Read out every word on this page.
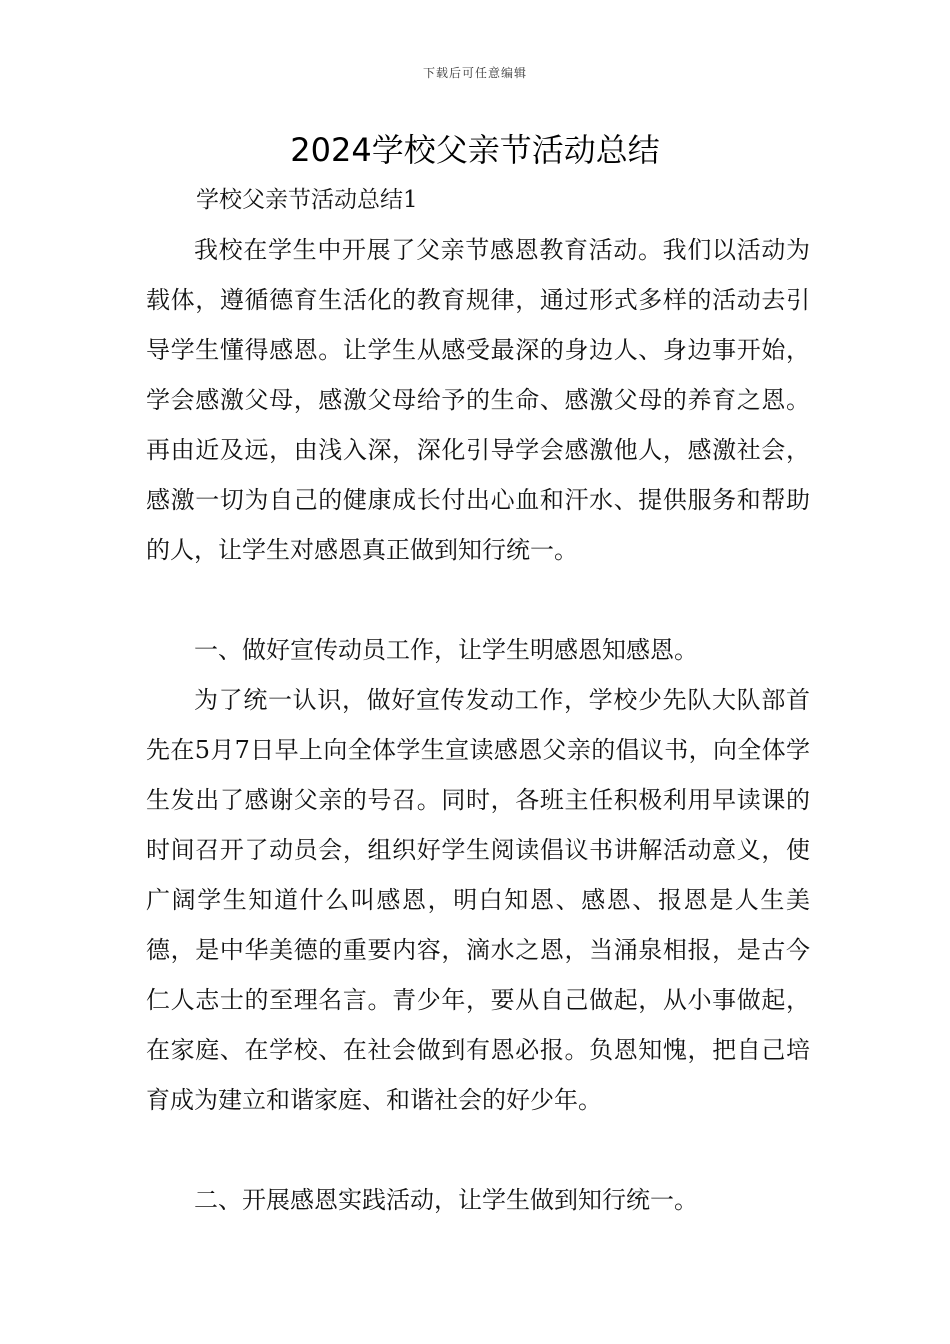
下载后可任意编辑
2024学校父亲节活动总结

学校父亲节活动总结1

我校在学生中开展了父亲节感恩教育活动。我们以活动为载体，遵循德育生活化的教育规律，通过形式多样的活动去引导学生懂得感恩。让学生从感受最深的身边人、身边事开始，学会感激父母，感激父母给予的生命、感激父母的养育之恩。再由近及远，由浅入深，深化引导学会感激他人，感激社会，感激一切为自己的健康成长付出心血和汗水、提供服务和帮助的人，让学生对感恩真正做到知行统一。

一、做好宣传动员工作，让学生明感恩知感恩。

为了统一认识，做好宣传发动工作，学校少先队大队部首先在5月7日早上向全体学生宣读感恩父亲的倡议书，向全体学生发出了感谢父亲的号召。同时，各班主任积极利用早读课的时间召开了动员会，组织好学生阅读倡议书讲解活动意义，使广阔学生知道什么叫感恩，明白知恩、感恩、报恩是人生美德，是中华美德的重要内容，滴水之恩，当涌泉相报，是古今仁人志士的至理名言。青少年，要从自己做起，从小事做起，在家庭、在学校、在社会做到有恩必报。负恩知愧，把自己培育成为建立和谐家庭、和谐社会的好少年。

二、开展感恩实践活动，让学生做到知行统一。
